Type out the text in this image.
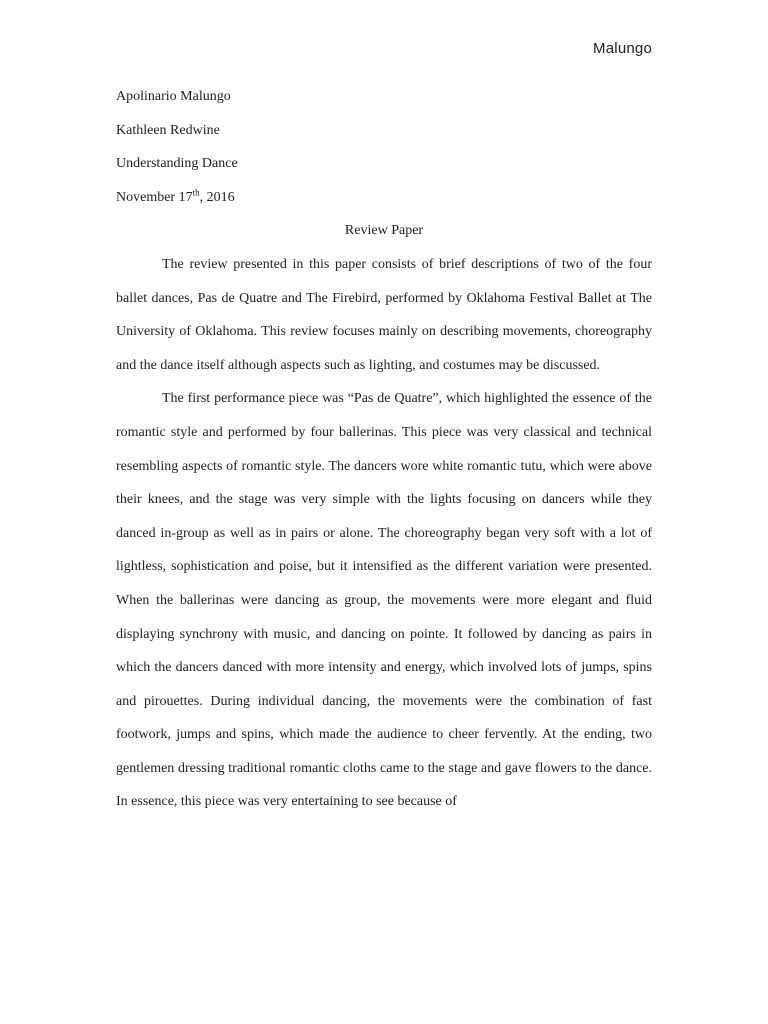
Malungo

Apolinario Malungo

Kathleen Redwine

Understanding Dance

November 17th, 2016

Review Paper

The review presented in this paper consists of brief descriptions of two of the four ballet dances, Pas de Quatre and The Firebird, performed by Oklahoma Festival Ballet at The University of Oklahoma. This review focuses mainly on describing movements, choreography and the dance itself although aspects such as lighting, and costumes may be discussed.

The first performance piece was “Pas de Quatre”, which highlighted the essence of the romantic style and performed by four ballerinas. This piece was very classical and technical resembling aspects of romantic style. The dancers wore white romantic tutu, which were above their knees, and the stage was very simple with the lights focusing on dancers while they danced in-group as well as in pairs or alone. The choreography began very soft with a lot of lightless, sophistication and poise, but it intensified as the different variation were presented. When the ballerinas were dancing as group, the movements were more elegant and fluid displaying synchrony with music, and dancing on pointe. It followed by dancing as pairs in which the dancers danced with more intensity and energy, which involved lots of jumps, spins and pirouettes. During individual dancing, the movements were the combination of fast footwork, jumps and spins, which made the audience to cheer fervently. At the ending, two gentlemen dressing traditional romantic cloths came to the stage and gave flowers to the dance. In essence, this piece was very entertaining to see because of
